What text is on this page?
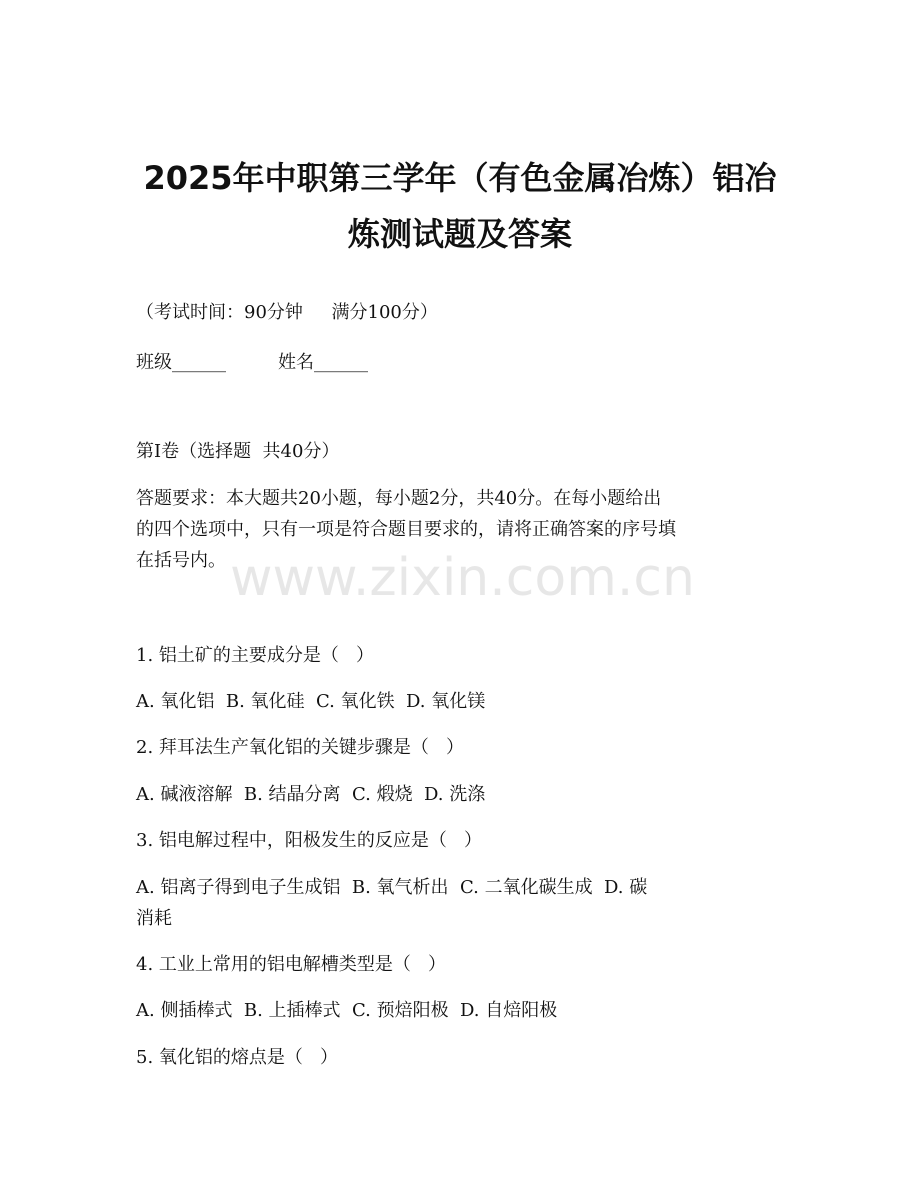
2025年中职第三学年（有色金属冶炼）铝冶
炼测试题及答案

（考试时间：90分钟     满分100分）

班级______	姓名______

第I卷（选择题  共40分）

答题要求：本大题共20小题，每小题2分，共40分。在每小题给出
的四个选项中，只有一项是符合题目要求的，请将正确答案的序号填
在括号内。

1. 铝土矿的主要成分是（   ）

A. 氧化铝  B. 氧化硅  C. 氧化铁  D. 氧化镁

2. 拜耳法生产氧化铝的关键步骤是（   ）

A. 碱液溶解  B. 结晶分离  C. 煅烧  D. 洗涤

3. 铝电解过程中，阳极发生的反应是（   ）

A. 铝离子得到电子生成铝  B. 氧气析出  C. 二氧化碳生成  D. 碳
消耗

4. 工业上常用的铝电解槽类型是（   ）

A. 侧插棒式  B. 上插棒式  C. 预焙阳极  D. 自焙阳极

5. 氧化铝的熔点是（   ）

www.zixin.com.cn
